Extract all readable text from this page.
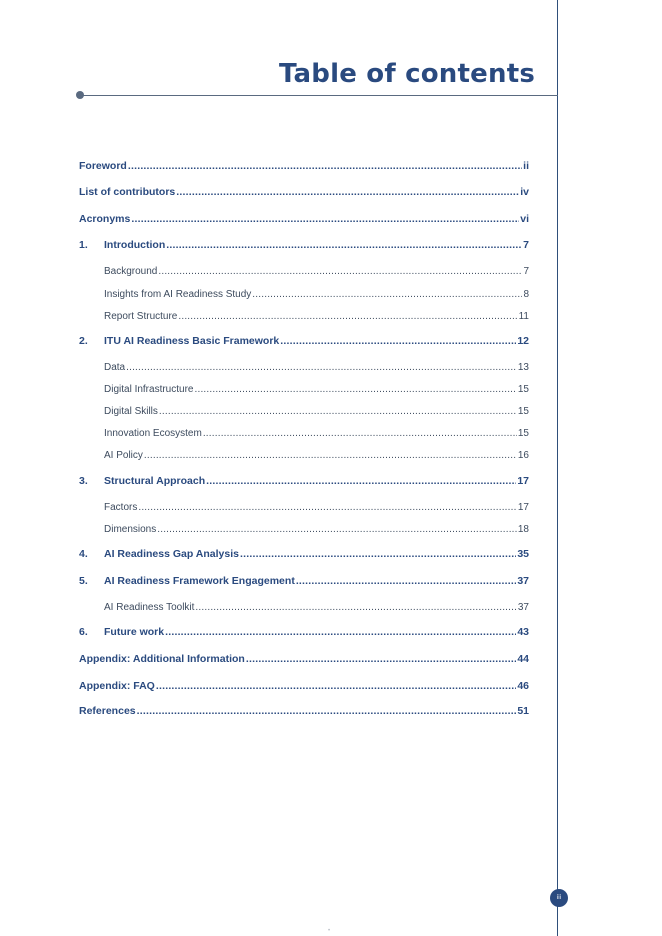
Table of contents
Foreword .....	ii
List of contributors .....	iv
Acronyms .....	vi
1.	Introduction .....	7
Background .....	7
Insights from AI Readiness Study .....	8
Report Structure .....	11
2.	ITU AI Readiness Basic Framework .....	12
Data .....	13
Digital Infrastructure .....	15
Digital Skills .....	15
Innovation Ecosystem .....	15
AI Policy .....	16
3.	Structural Approach .....	17
Factors .....	17
Dimensions .....	18
4.	AI Readiness Gap Analysis .....	35
5.	AI Readiness Framework Engagement .....	37
AI Readiness Toolkit .....	37
6.	Future work .....	43
Appendix: Additional Information .....	44
Appendix: FAQ .....	46
References .....	51
iii
•
